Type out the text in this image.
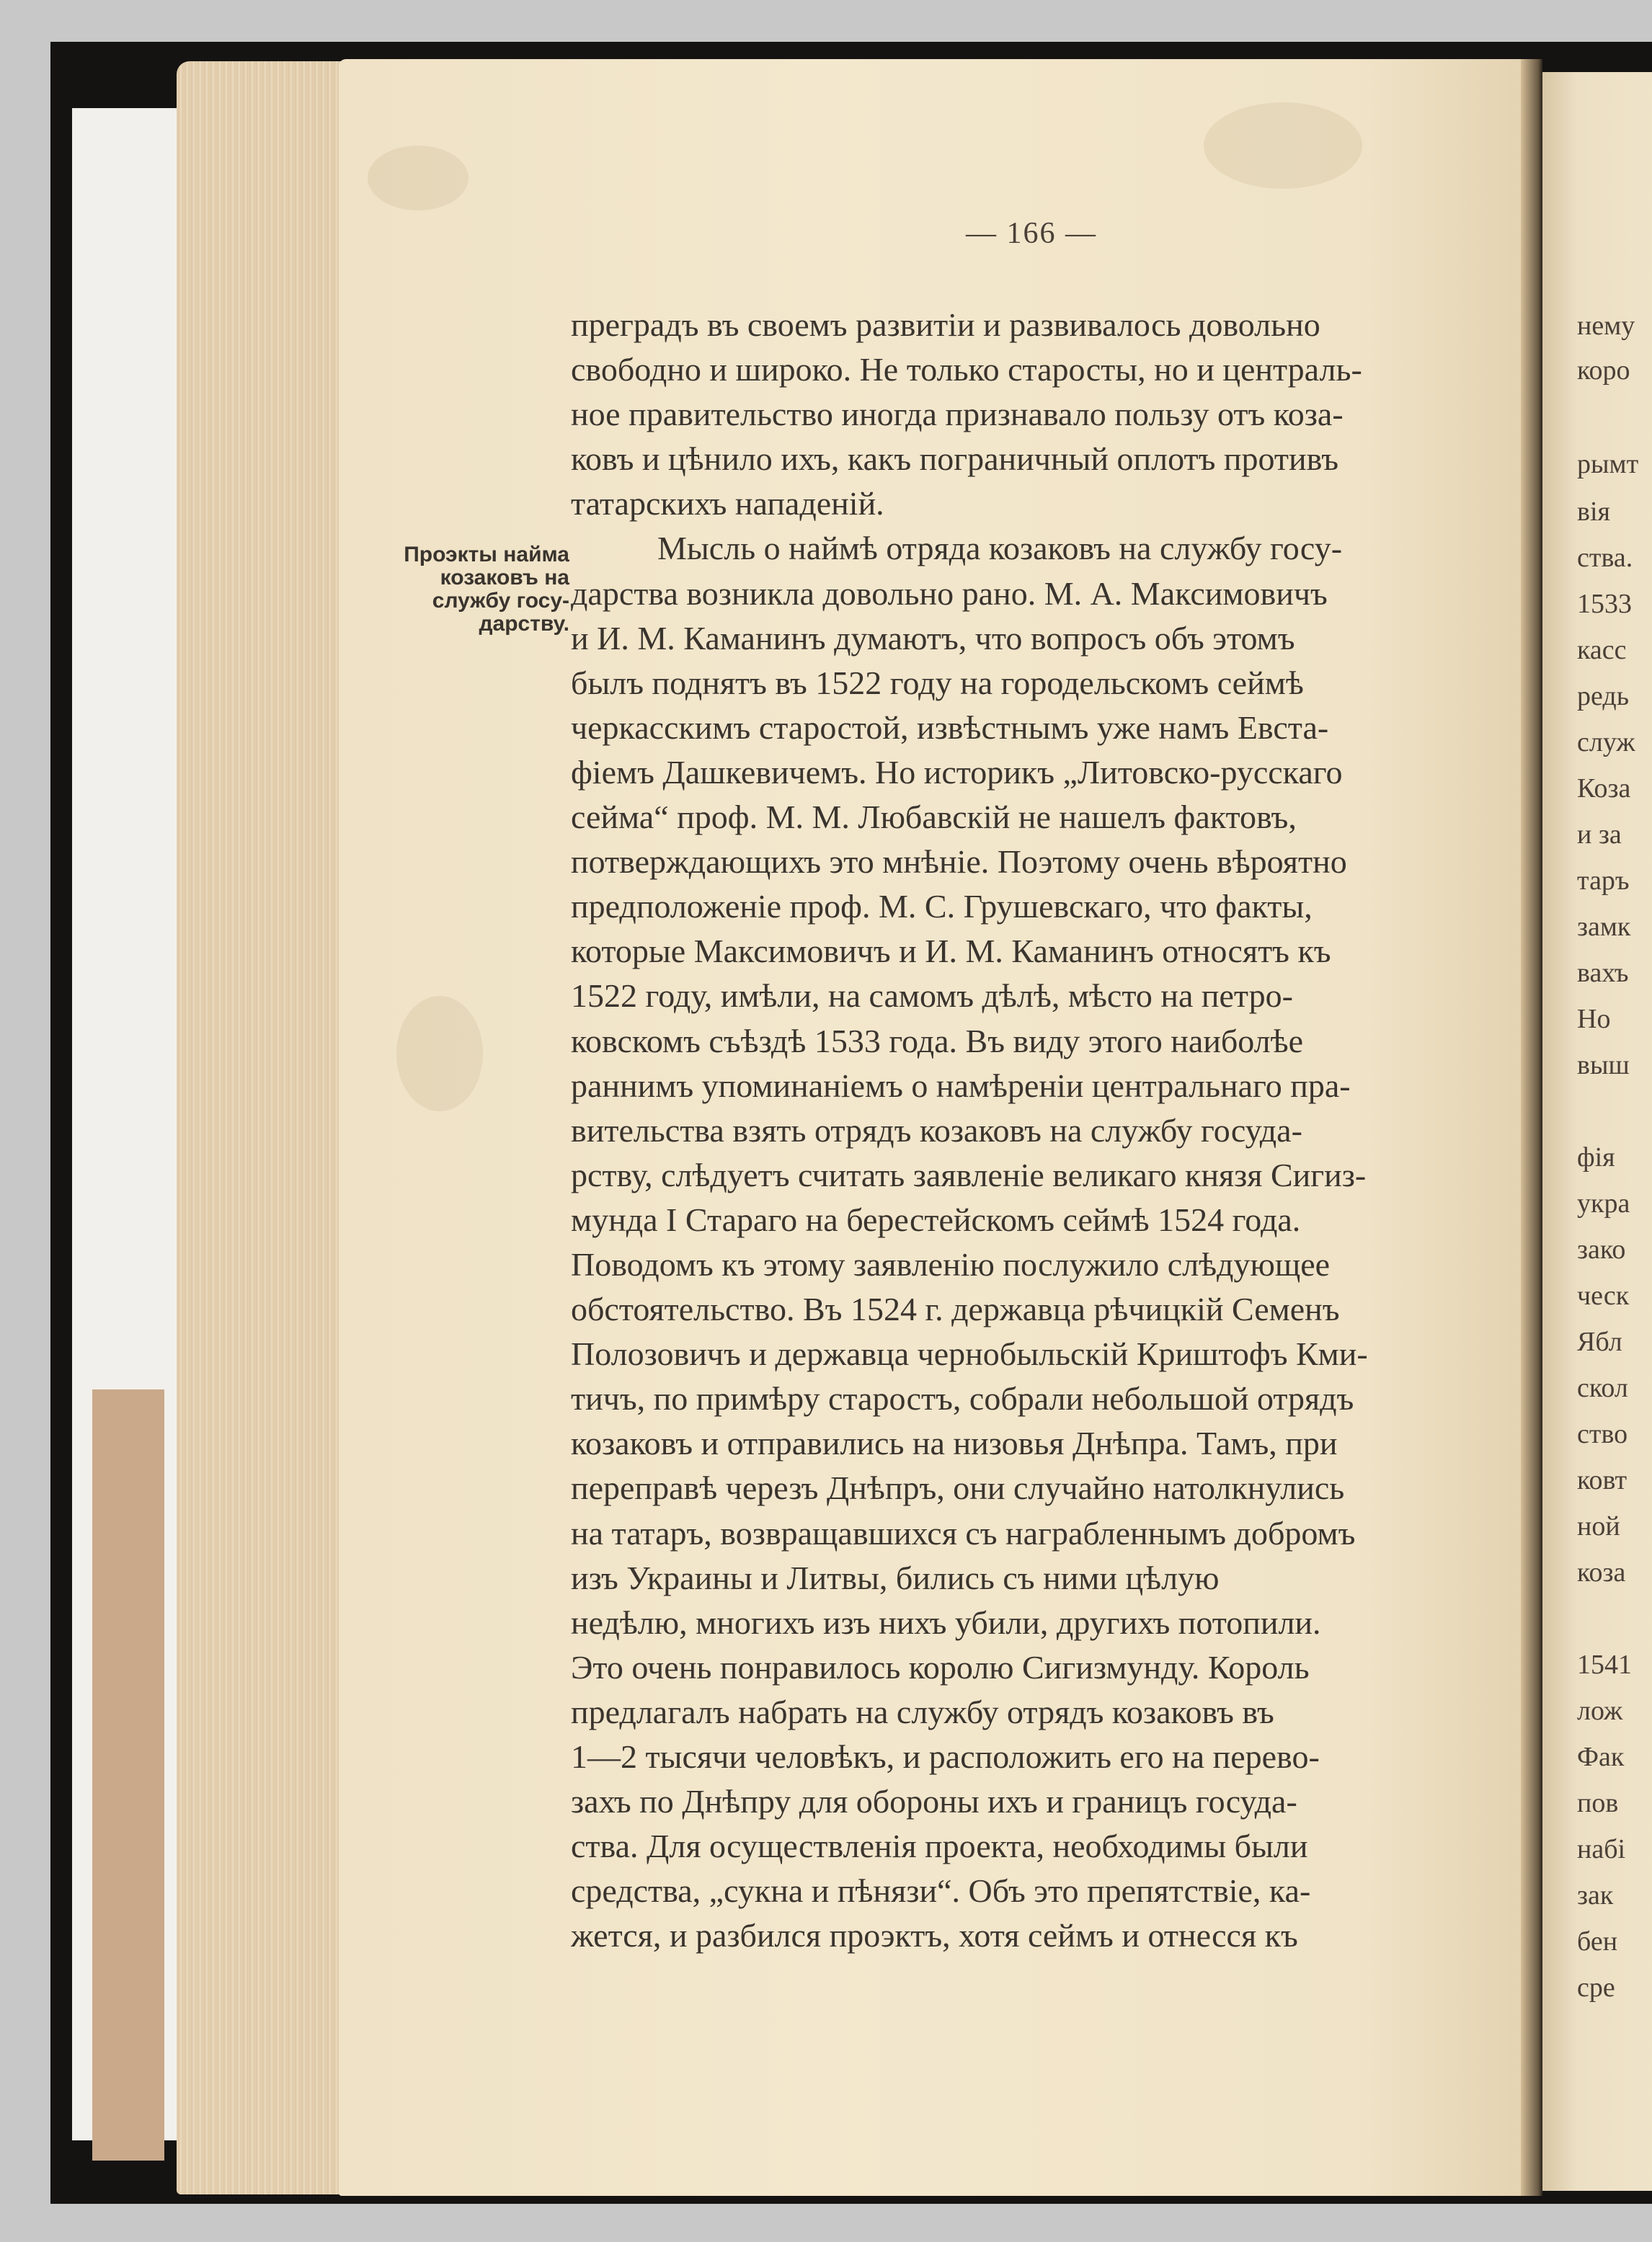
— 166 —
Проэкты найма
козаковъ на
службу госу-
дарству.
преградъ въ своемъ развитіи и развивалось довольно
свободно и широко. Не только старосты, но и централь-
ное правительство иногда признавало пользу отъ коза-
ковъ и цѣнило ихъ, какъ пограничный оплотъ противъ
татарскихъ нападеній.
Мысль о наймѣ отряда козаковъ на службу госу-
дарства возникла довольно рано. М. А. Максимовичъ
и И. М. Каманинъ думаютъ, что вопросъ объ этомъ
былъ поднятъ въ 1522 году на городельскомъ сеймѣ
черкасскимъ старостой, извѣстнымъ уже намъ Евста-
фіемъ Дашкевичемъ. Но историкъ „Литовско-русскаго
сейма“ проф. М. М. Любавскій не нашелъ фактовъ,
потверждающихъ это мнѣніе. Поэтому очень вѣроятно
предположеніе проф. М. С. Грушевскаго, что факты,
которые Максимовичъ и И. М. Каманинъ относятъ къ
1522 году, имѣли, на самомъ дѣлѣ, мѣсто на петро-
ковскомъ съѣздѣ 1533 года. Въ виду этого наиболѣе
раннимъ упоминаніемъ о намѣреніи центральнаго пра-
вительства взять отрядъ козаковъ на службу госуда-
рству, слѣдуетъ считать заявленіе великаго князя Сигиз-
мунда I Стараго на берестейскомъ сеймѣ 1524 года.
Поводомъ къ этому заявленію послужило слѣдующее
обстоятельство. Въ 1524 г. державца рѣчицкій Семенъ
Полозовичъ и державца чернобыльскій Криштофъ Кми-
тичъ, по примѣру старостъ, собрали небольшой отрядъ
козаковъ и отправились на низовья Днѣпра. Тамъ, при
переправѣ черезъ Днѣпръ, они случайно натолкнулись
на татаръ, возвращавшихся съ награбленнымъ добромъ
изъ Украины и Литвы, бились съ ними цѣлую
недѣлю, многихъ изъ нихъ убили, другихъ потопили.
Это очень понравилось королю Сигизмунду. Король
предлагалъ набрать на службу отрядъ козаковъ въ
1—2 тысячи человѣкъ, и расположить его на перево-
захъ по Днѣпру для обороны ихъ и границъ госуда-
ства. Для осуществленія проекта, необходимы были
средства, „сукна и пѣнязи“. Объ это препятствіе, ка-
жется, и разбился проэктъ, хотя сеймъ и отнесся къ
нему
коро
рымт
вія
ства.
1533
касс
редь
служ
Коза
и за
таръ
замк
вахъ
Но
выш
фія
укра
зако
ческ
Ябл
скол
ство
ковт
ной
коза
1541
лож
Фак
пов
набі
зак
бен
сре
